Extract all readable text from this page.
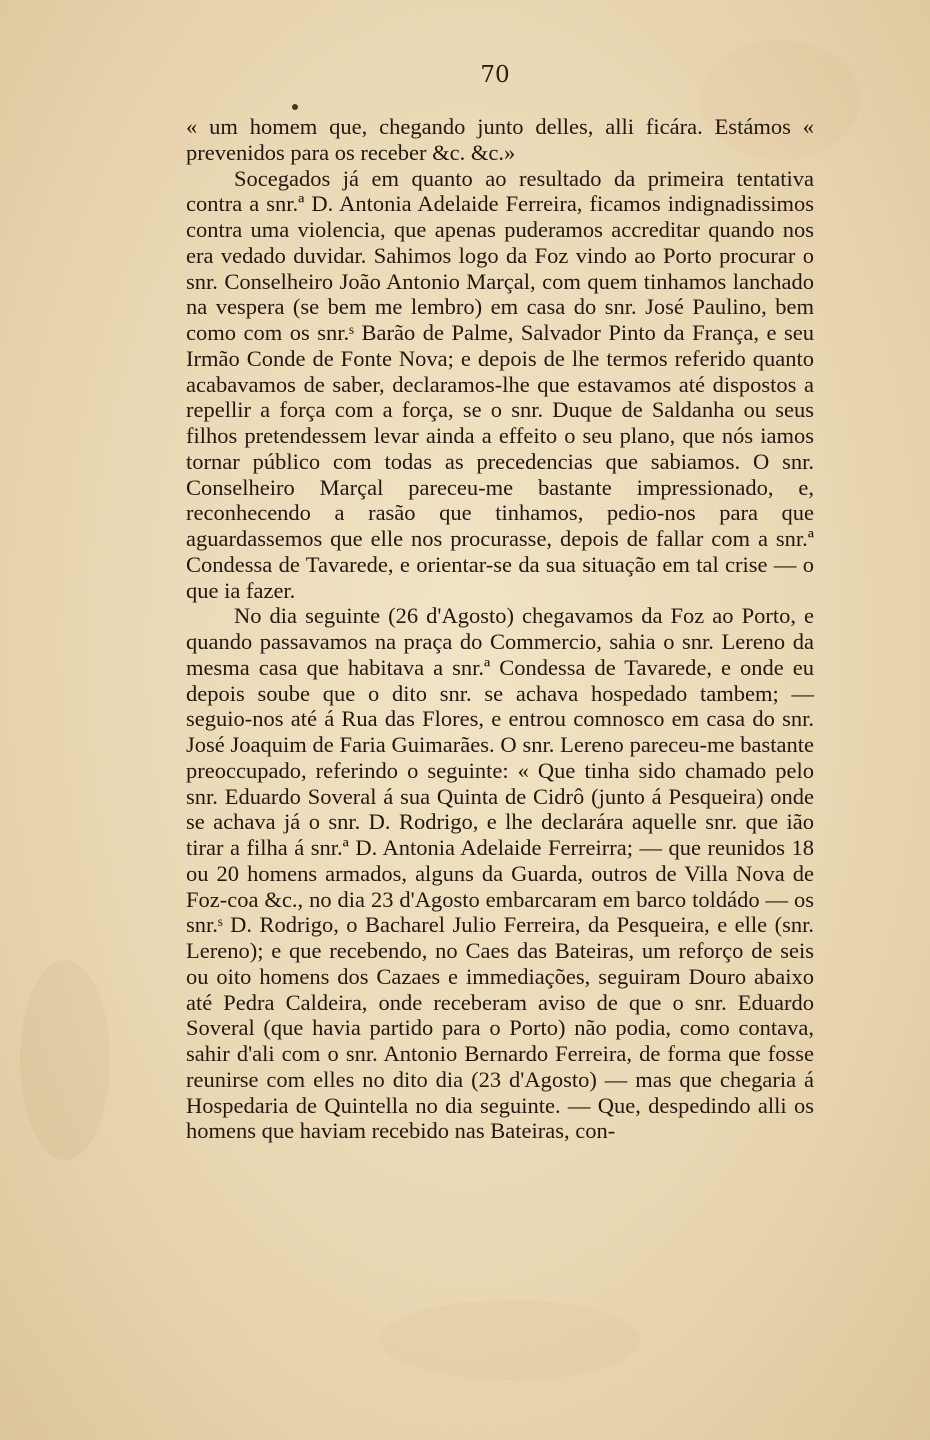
70

« um homem que, chegando junto delles, alli ficára. Estámos « prevenidos para os receber &c. &c.»

Socegados já em quanto ao resultado da primeira tentativa contra a snr.ª D. Antonia Adelaide Ferreira, ficamos indignadissimos contra uma violencia, que apenas puderamos accreditar quando nos era vedado duvidar. Sahimos logo da Foz vindo ao Porto procurar o snr. Conselheiro João Antonio Marçal, com quem tinhamos lanchado na vespera (se bem me lembro) em casa do snr. José Paulino, bem como com os snr.ˢ Barão de Palme, Salvador Pinto da França, e seu Irmão Conde de Fonte Nova; e depois de lhe termos referido quanto acabavamos de saber, declaramos-lhe que estavamos até dispostos a repellir a força com a força, se o snr. Duque de Saldanha ou seus filhos pretendessem levar ainda a effeito o seu plano, que nós iamos tornar público com todas as precedencias que sabiamos. O snr. Conselheiro Marçal pareceu-me bastante impressionado, e, reconhecendo a rasão que tinhamos, pedio-nos para que aguardassemos que elle nos procurasse, depois de fallar com a snr.ª Condessa de Tavarede, e orientar-se da sua situação em tal crise — o que ia fazer.

No dia seguinte (26 d'Agosto) chegavamos da Foz ao Porto, e quando passavamos na praça do Commercio, sahia o snr. Lereno da mesma casa que habitava a snr.ª Condessa de Tavarede, e onde eu depois soube que o dito snr. se achava hospedado tambem; — seguio-nos até á Rua das Flores, e entrou comnosco em casa do snr. José Joaquim de Faria Guimarães. O snr. Lereno pareceu-me bastante preoccupado, referindo o seguinte: « Que tinha sido chamado pelo snr. Eduardo Soveral á sua Quinta de Cidrô (junto á Pesqueira) onde se achava já o snr. D. Rodrigo, e lhe declarára aquelle snr. que ião tirar a filha á snr.ª D. Antonia Adelaide Ferreirra; — que reunidos 18 ou 20 homens armados, alguns da Guarda, outros de Villa Nova de Foz-coa &c., no dia 23 d'Agosto embarcaram em barco toldádo — os snr.ˢ D. Rodrigo, o Bacharel Julio Ferreira, da Pesqueira, e elle (snr. Lereno); e que recebendo, no Caes das Bateiras, um reforço de seis ou oito homens dos Cazaes e immediações, seguiram Douro abaixo até Pedra Caldeira, onde receberam aviso de que o snr. Eduardo Soveral (que havia partido para o Porto) não podia, como contava, sahir d'ali com o snr. Antonio Bernardo Ferreira, de forma que fosse reunirse com elles no dito dia (23 d'Agosto) — mas que chegaria á Hospedaria de Quintella no dia seguinte. — Que, despedindo alli os homens que haviam recebido nas Bateiras, con-
